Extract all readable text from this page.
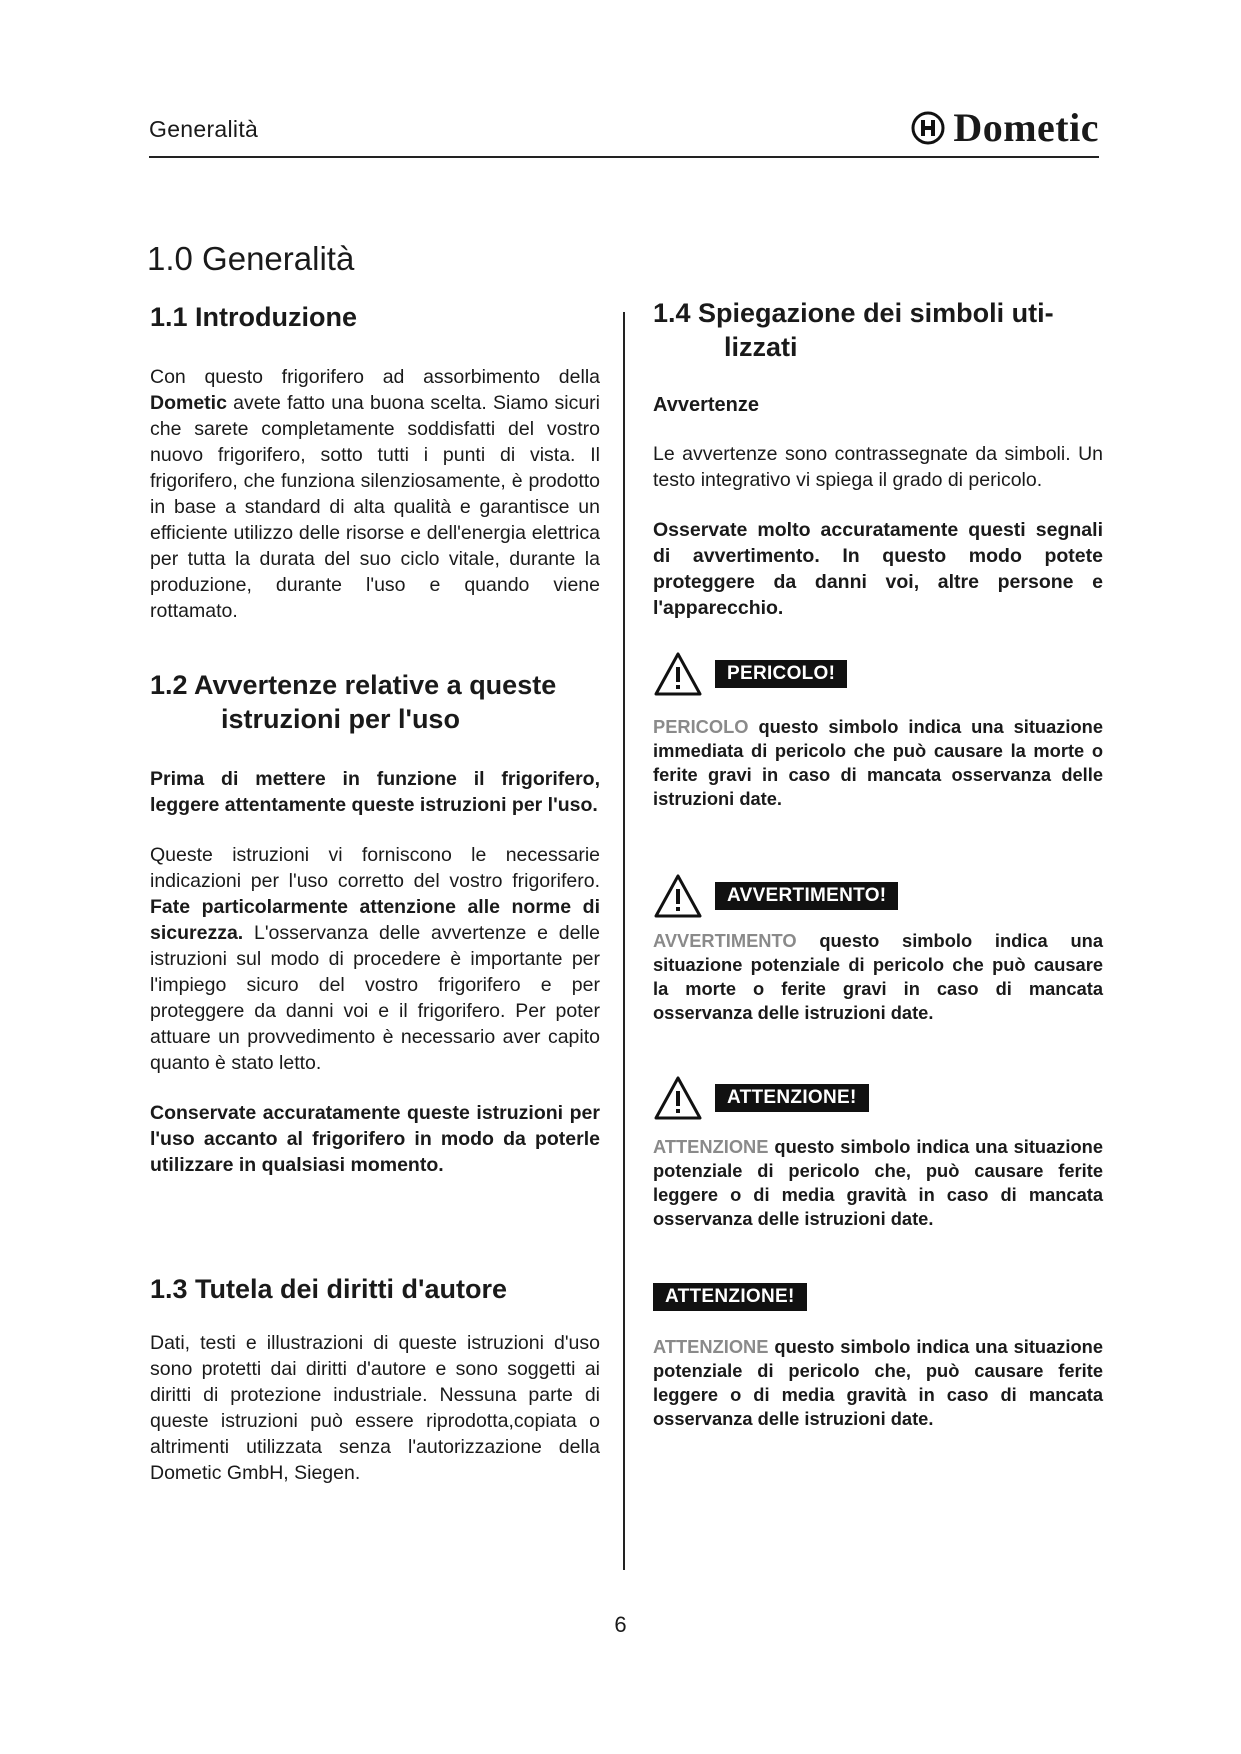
Generalità	Dometic
1.0 Generalità
1.1 Introduzione

Con questo frigorifero ad assorbimento della Dometic avete fatto una buona scelta. Siamo sicuri che sarete completamente soddisfatti del vostro nuovo frigorifero, sotto tutti i punti di vista. Il frigorifero, che funziona silenziosamente, è prodotto in base a standard di alta qualità e garantisce un efficiente utilizzo delle risorse e dell'energia elettrica per tutta la durata del suo ciclo vitale, durante la produzione, durante l'uso e quando viene rottamato.

1.2 Avvertenze relative a queste
istruzioni per l'uso

Prima di mettere in funzione il frigorifero, leggere attentamente queste istruzioni per l'uso.

Queste istruzioni vi forniscono le necessarie indicazioni per l'uso corretto del vostro frigorifero. Fate particolarmente attenzione alle norme di sicurezza. L'osservanza delle avvertenze e delle istruzioni sul modo di procedere è importante per l'impiego sicuro del vostro frigorifero e per proteggere da danni voi e il frigorifero. Per poter attuare un provvedimento è necessario aver capito quanto è stato letto.

Conservate accuratamente queste istruzioni per l'uso accanto al frigorifero in modo da poterle utilizzare in qualsiasi momento.

1.3 Tutela dei diritti d'autore

Dati, testi e illustrazioni di queste istruzioni d'uso sono protetti dai diritti d'autore e sono soggetti ai diritti di protezione industriale. Nessuna parte di queste istruzioni può essere riprodotta,copiata o altrimenti utilizzata senza l'autorizzazione della Dometic GmbH, Siegen.

1.4 Spiegazione dei simboli uti-
lizzati
Avvertenze

Le avvertenze sono contrassegnate da simboli. Un testo integrativo vi spiega il grado di pericolo.

Osservate molto accuratamente questi segnali di avvertimento. In questo modo potete proteggere da danni voi, altre persone e l'apparecchio.

PERICOLO!

PERICOLO questo simbolo indica una situazione immediata di pericolo che può causare la morte o ferite gravi in caso di mancata osservanza delle istruzioni date.

AVVERTIMENTO!

AVVERTIMENTO questo simbolo indica una situazione potenziale di pericolo che può causare la morte o ferite gravi in caso di mancata osservanza delle istruzioni date.

ATTENZIONE!

ATTENZIONE questo simbolo indica una situazione potenziale di pericolo che, può causare ferite leggere o di media gravità in caso di mancata osservanza delle istruzioni date.

ATTENZIONE!

ATTENZIONE questo simbolo indica una situazione potenziale di pericolo che, può causare ferite leggere o di media gravità in caso di mancata osservanza delle istruzioni date.

6
